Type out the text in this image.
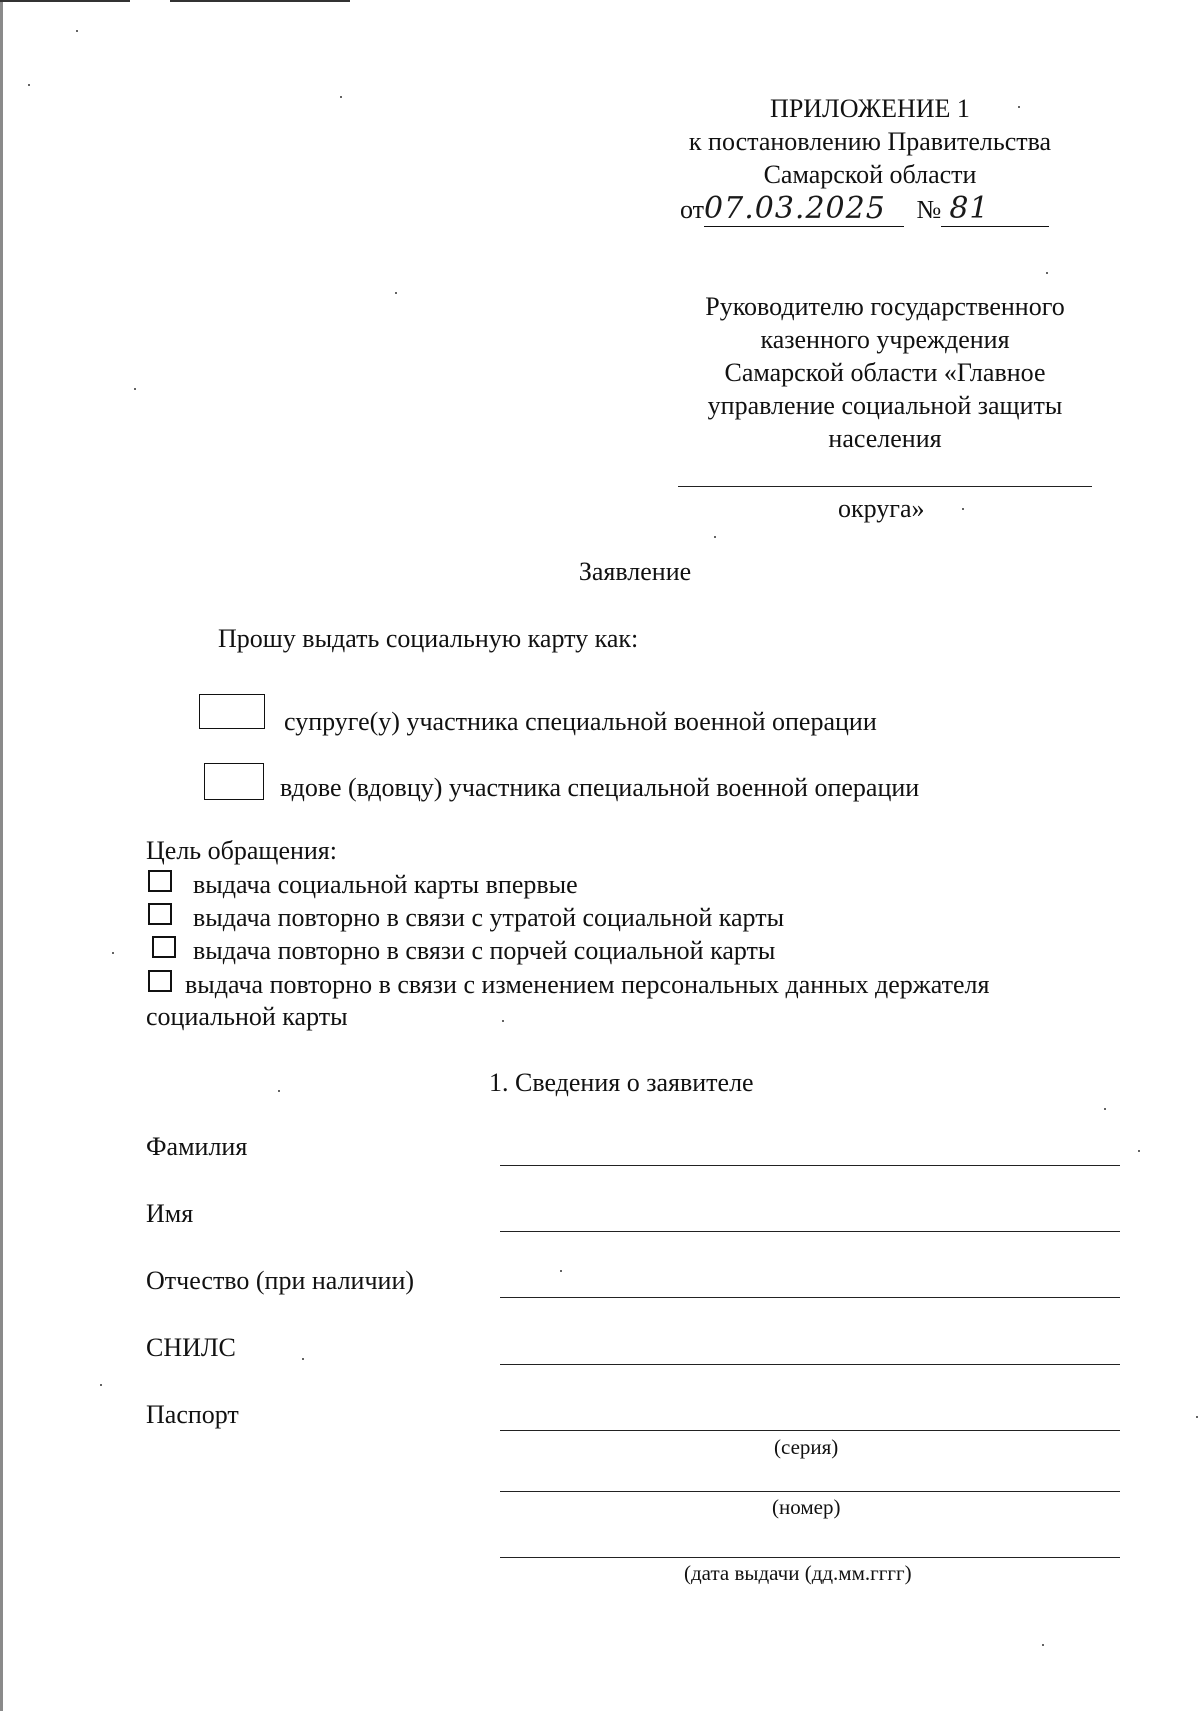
ПРИЛОЖЕНИЕ 1
к постановлению Правительства
Самарской области
от07.03.2025 № 81
Руководителю государственного
казенного учреждения
Самарской области «Главное
управление социальной защиты
населения
округа»
Заявление
Прошу выдать социальную карту как:
супруге(у) участника специальной военной операции
вдове (вдовцу) участника специальной военной операции
Цель обращения:
выдача социальной карты впервые
выдача повторно в связи с утратой социальной карты
выдача повторно в связи с порчей социальной карты
выдача повторно в связи с изменением персональных данных держателя
социальной карты
1. Сведения о заявителе
Фамилия
Имя
Отчество (при наличии)
СНИЛС
Паспорт
(серия)
(номер)
(дата выдачи (дд.мм.гггг)
